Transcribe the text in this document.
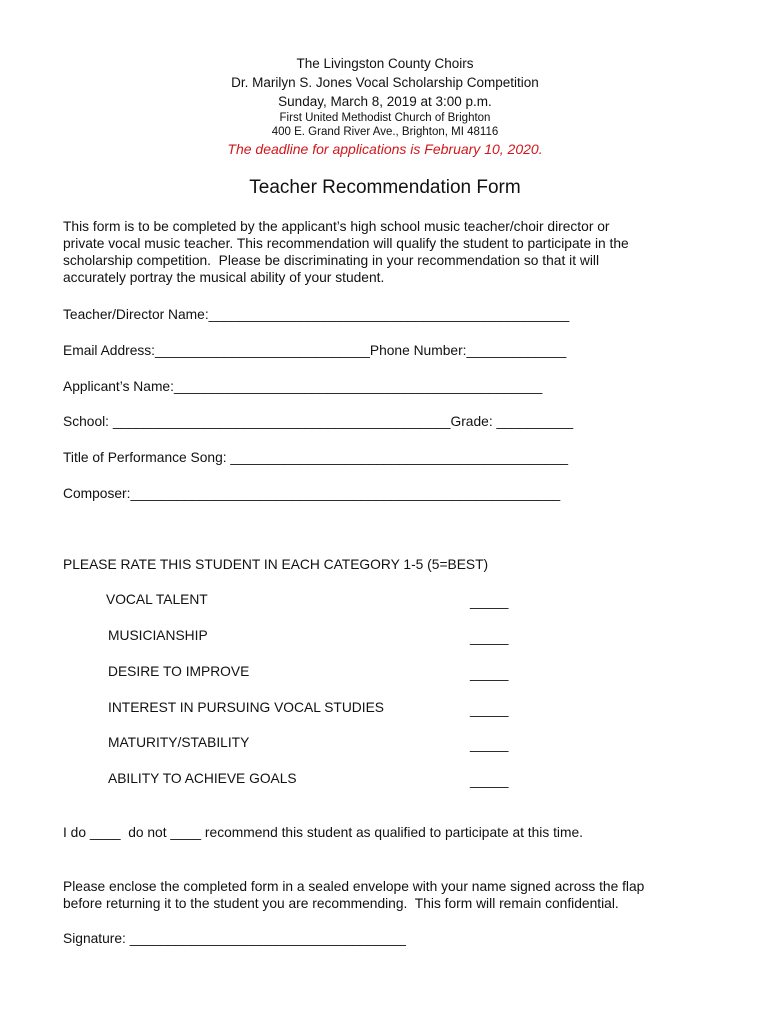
The Livingston County Choirs
Dr. Marilyn S. Jones Vocal Scholarship Competition
Sunday, March 8, 2019 at 3:00 p.m.
First United Methodist Church of Brighton
400 E. Grand River Ave., Brighton, MI 48116
The deadline for applications is February 10, 2020.
Teacher Recommendation Form
This form is to be completed by the applicant’s high school music teacher/choir director or
private vocal music teacher. This recommendation will qualify the student to participate in the
scholarship competition.  Please be discriminating in your recommendation so that it will
accurately portray the musical ability of your student.
Teacher/Director Name:_______________________________________________
Email Address:____________________________Phone Number:_____________
Applicant’s Name:________________________________________________
School: ____________________________________________Grade: __________
Title of Performance Song: ____________________________________________
Composer:________________________________________________________
PLEASE RATE THIS STUDENT IN EACH CATEGORY 1-5 (5=BEST)
VOCAL TALENT	_____
MUSICIANSHIP	_____
DESIRE TO IMPROVE	_____
INTEREST IN PURSUING VOCAL STUDIES	_____
MATURITY/STABILITY	_____
ABILITY TO ACHIEVE GOALS	_____
I do ____  do not ____ recommend this student as qualified to participate at this time.
Please enclose the completed form in a sealed envelope with your name signed across the flap
before returning it to the student you are recommending.  This form will remain confidential.
Signature: ____________________________________
